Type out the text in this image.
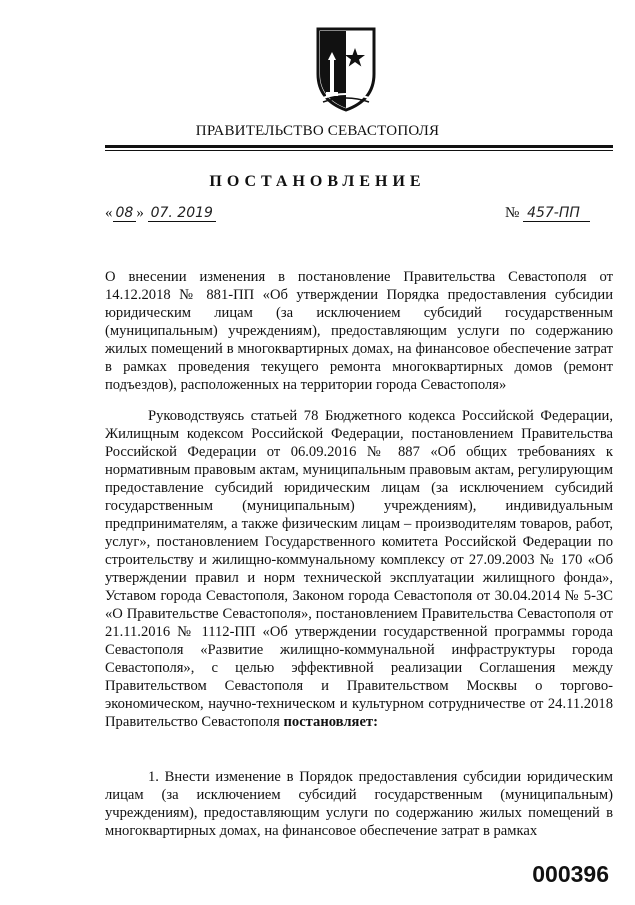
ПРАВИТЕЛЬСТВО СЕВАСТОПОЛЯ
ПОСТАНОВЛЕНИЕ
« 08 » 07. 2019	№ 457-ПП
О внесении изменения в постановление Правительства Севастополя от 14.12.2018 № 881-ПП «Об утверждении Порядка предоставления субсидии юридическим лицам (за исключением субсидий государственным (муниципальным) учреждениям), предоставляющим услуги по содержанию жилых помещений в многоквартирных домах, на финансовое обеспечение затрат в рамках проведения текущего ремонта многоквартирных домов (ремонт подъездов), расположенных на территории города Севастополя»
Руководствуясь статьей 78 Бюджетного кодекса Российской Федерации, Жилищным кодексом Российской Федерации, постановлением Правительства Российской Федерации от 06.09.2016 № 887 «Об общих требованиях к нормативным правовым актам, муниципальным правовым актам, регулирующим предоставление субсидий юридическим лицам (за исключением субсидий государственным (муниципальным) учреждениям), индивидуальным предпринимателям, а также физическим лицам – производителям товаров, работ, услуг», постановлением Государственного комитета Российской Федерации по строительству и жилищно-коммунальному комплексу от 27.09.2003 № 170 «Об утверждении правил и норм технической эксплуатации жилищного фонда», Уставом города Севастополя, Законом города Севастополя от 30.04.2014 № 5-ЗС «О Правительстве Севастополя», постановлением Правительства Севастополя от 21.11.2016 № 1112-ПП «Об утверждении государственной программы города Севастополя «Развитие жилищно-коммунальной инфраструктуры города Севастополя», с целью эффективной реализации Соглашения между Правительством Севастополя и Правительством Москвы о торгово-экономическом, научно-техническом и культурном сотрудничестве от 24.11.2018 Правительство Севастополя постановляет:
1. Внести изменение в Порядок предоставления субсидии юридическим лицам (за исключением субсидий государственным (муниципальным) учреждениям), предоставляющим услуги по содержанию жилых помещений в многоквартирных домах, на финансовое обеспечение затрат в рамках
000396
